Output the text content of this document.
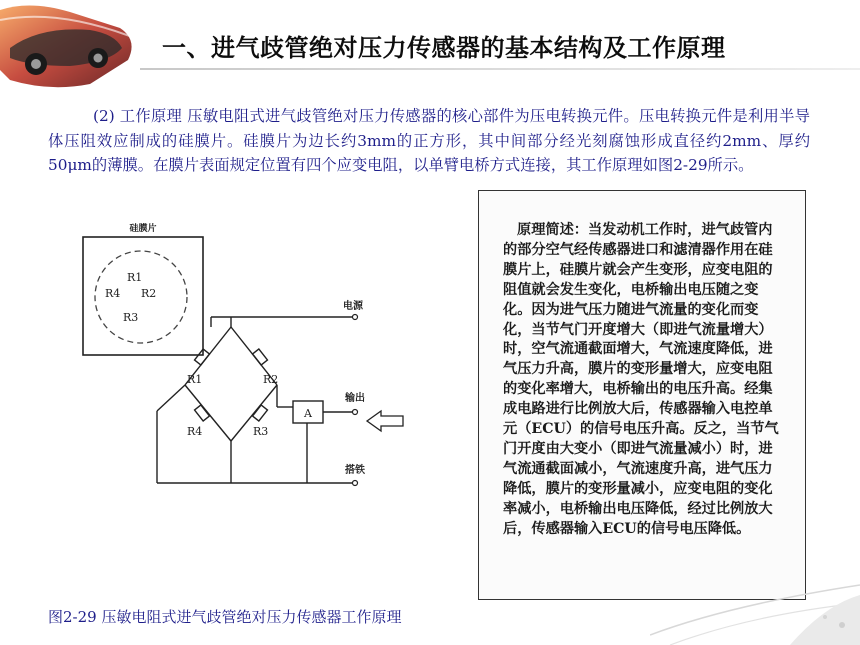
一、进气歧管绝对压力传感器的基本结构及工作原理
(2) 工作原理 压敏电阻式进气歧管绝对压力传感器的核心部件为压电转换元件。压电转换元件是利用半导体压阻效应制成的硅膜片。硅膜片为边长约3mm的正方形，其中间部分经光刻腐蚀形成直径约2mm、厚约50μm的薄膜。在膜片表面规定位置有四个应变电阻，以单臂电桥方式连接，其工作原理如图2-29所示。
硅膜片
R1
R4 R2
R3
R1	R2
R4	R3
A
电源
输出
搭铁
原理简述：当发动机工作时，进气歧管内的部分空气经传感器进口和滤清器作用在硅膜片上，硅膜片就会产生变形，应变电阻的阻值就会发生变化，电桥输出电压随之变化。因为进气压力随进气流量的变化而变化，当节气门开度增大（即进气流量增大）时，空气流通截面增大，气流速度降低，进气压力升高，膜片的变形量增大，应变电阻的变化率增大，电桥输出的电压升高。经集成电路进行比例放大后，传感器输入电控单元（ECU）的信号电压升高。反之，当节气门开度由大变小（即进气流量减小）时，进气流通截面减小，气流速度升高，进气压力降低，膜片的变形量减小，应变电阻的变化率减小，电桥输出电压降低，经过比例放大后，传感器输入ECU的信号电压降低。
图2-29 压敏电阻式进气歧管绝对压力传感器工作原理
